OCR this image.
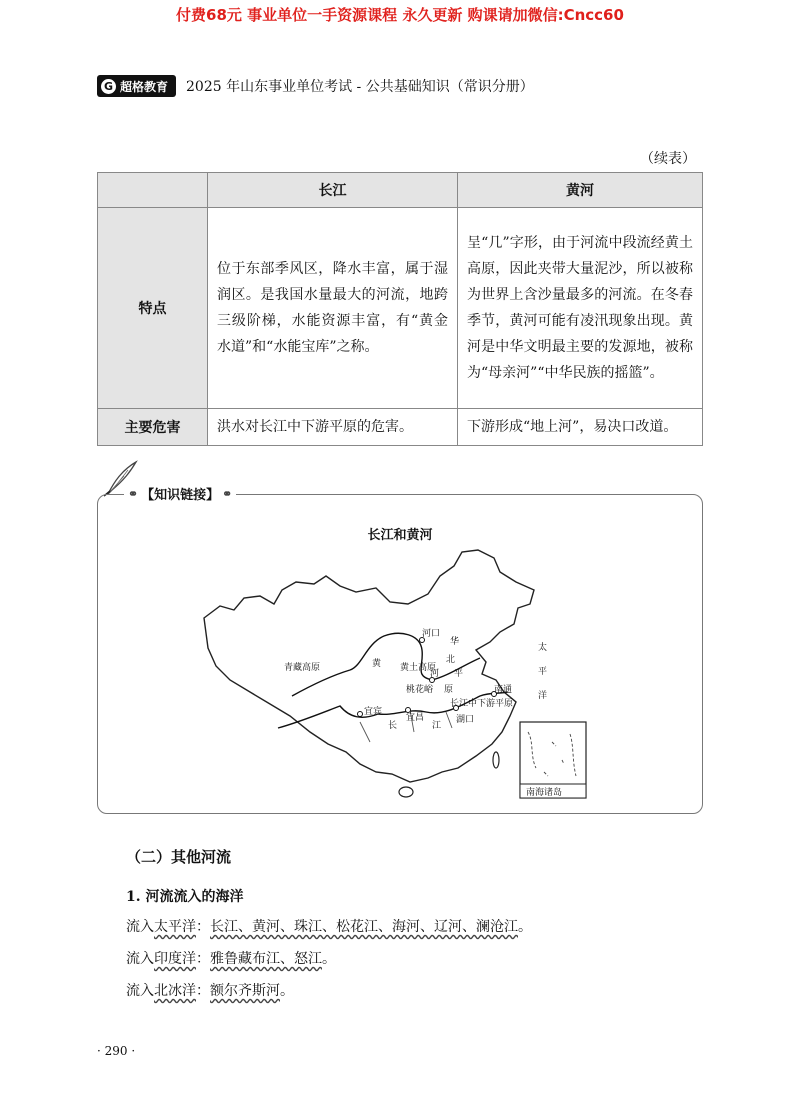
付费68元 事业单位一手资源课程 永久更新 购课请加微信:Cncc60
G 超格教育 2025 年山东事业单位考试 - 公共基础知识（常识分册）
（续表）
	长江	黄河
特点	位于东部季风区，降水丰富，属于湿润区。是我国水量最大的河流，地跨三级阶梯，水能资源丰富，有“黄金水道”和“水能宝库”之称。	呈“几”字形，由于河流中段流经黄土高原，因此夹带大量泥沙，所以被称为世界上含沙量最多的河流。在冬春季节，黄河可能有凌汛现象出现。黄河是中华文明最主要的发源地，被称为“母亲河”“中华民族的摇篮”。

主要危害	洪水对长江中下游平原的危害。	下游形成“地上河”，易决口改道。
⚭ 【知识链接】 ⚭
长江和黄河
青藏高原	黄 黄土高原
河口
华
北
河 平
原
桃花峪
宜宾
长
宜昌
江
长江中下游平原
湖口
南通
太
平
洋
南海诸岛
（二）其他河流
1. 河流流入的海洋
流入太平洋：长江、黄河、珠江、松花江、海河、辽河、澜沧江。
流入印度洋：雅鲁藏布江、怒江。
流入北冰洋：额尔齐斯河。
· 290 ·
